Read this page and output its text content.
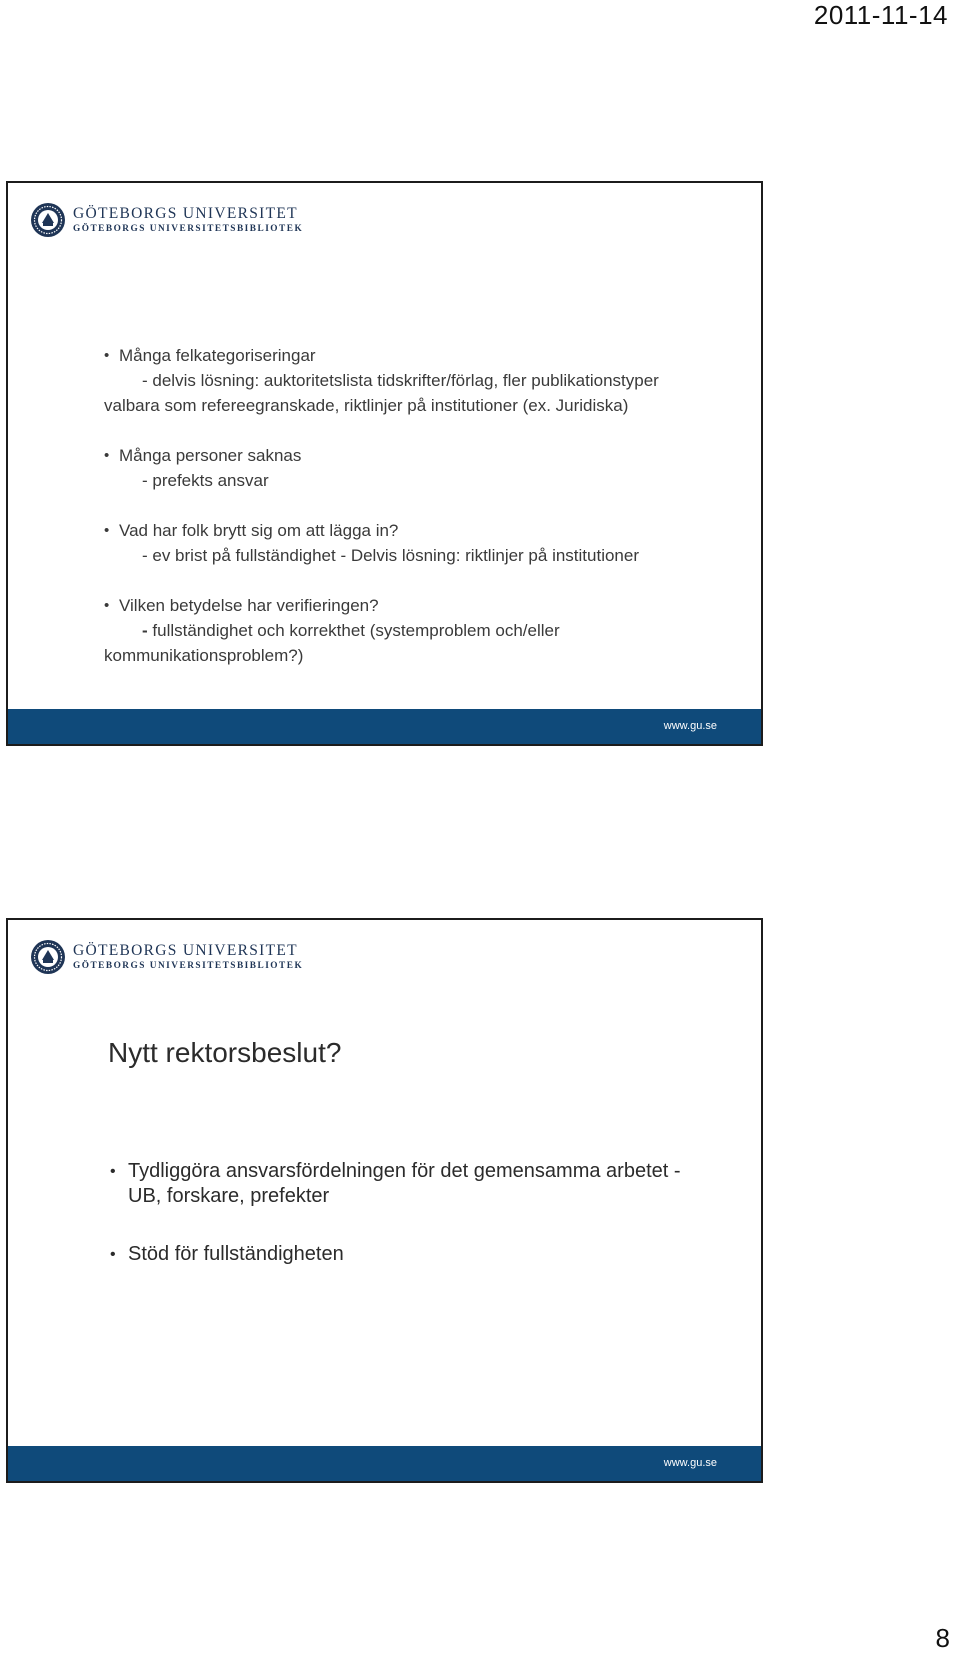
2011-11-14
GÖTEBORGS UNIVERSITET
GÖTEBORGS UNIVERSITETSBIBLIOTEK
• Många felkategoriseringar
- delvis lösning: auktoritetslista tidskrifter/förlag, fler publikationstyper
valbara som refereegranskade, riktlinjer på institutioner (ex. Juridiska)
• Många personer saknas
- prefekts ansvar
• Vad har folk brytt sig om att lägga in?
- ev brist på fullständighet - Delvis lösning: riktlinjer på institutioner
• Vilken betydelse har verifieringen?
- fullständighet och korrekthet (systemproblem och/eller
kommunikationsproblem?)
www.gu.se
GÖTEBORGS UNIVERSITET
GÖTEBORGS UNIVERSITETSBIBLIOTEK
Nytt rektorsbeslut?
• Tydliggöra ansvarsfördelningen för det gemensamma arbetet - UB, forskare, prefekter
• Stöd för fullständigheten
www.gu.se
8
